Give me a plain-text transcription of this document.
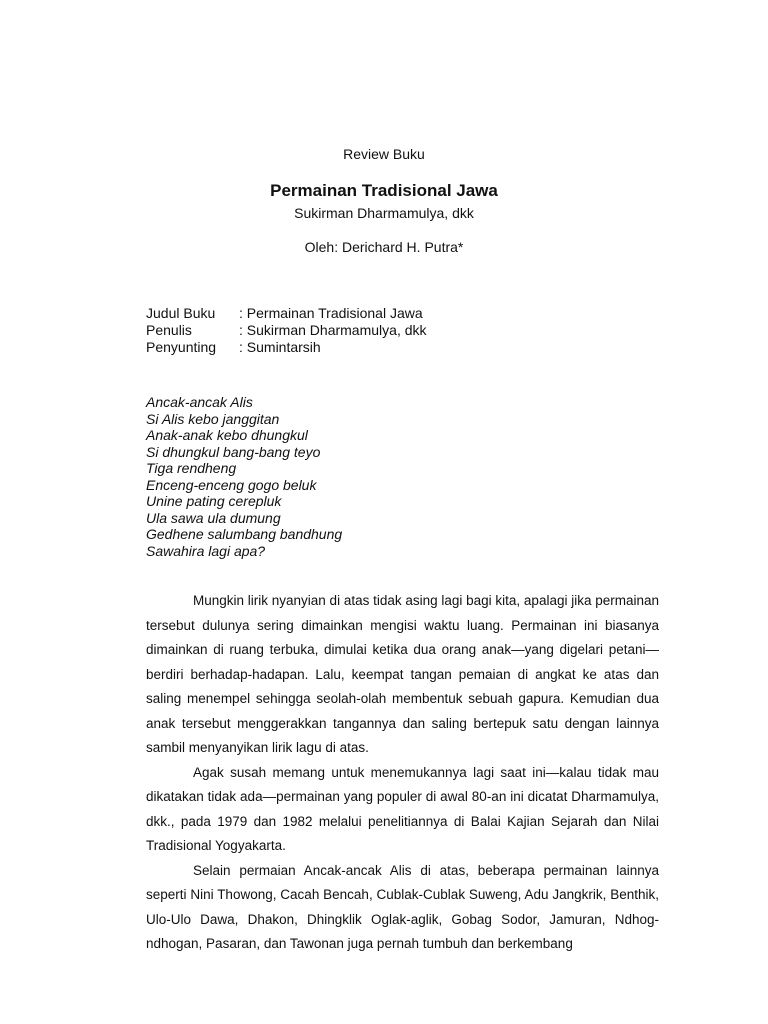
Review Buku
Permainan Tradisional Jawa
Sukirman Dharmamulya, dkk
Oleh: Derichard H. Putra*
Judul Buku	: Permainan Tradisional Jawa
Penulis	: Sukirman Dharmamulya, dkk
Penyunting	: Sumintarsih
Ancak-ancak Alis
Si Alis kebo janggitan
Anak-anak kebo dhungkul
Si dhungkul bang-bang teyo
Tiga rendheng
Enceng-enceng gogo beluk
Unine pating cerepluk
Ula sawa ula dumung
Gedhene salumbang bandhung
Sawahira lagi apa?

Mungkin lirik nyanyian di atas tidak asing lagi bagi kita, apalagi jika permainan tersebut dulunya sering dimainkan mengisi waktu luang. Permainan ini biasanya dimainkan di ruang terbuka, dimulai ketika dua orang anak—yang digelari petani—berdiri berhadap-hadapan. Lalu, keempat tangan pemaian di angkat ke atas dan saling menempel sehingga seolah-olah membentuk sebuah gapura. Kemudian dua anak tersebut menggerakkan tangannya dan saling bertepuk satu dengan lainnya sambil menyanyikan lirik lagu di atas.

Agak susah memang untuk menemukannya lagi saat ini—kalau tidak mau dikatakan tidak ada—permainan yang populer di awal 80-an ini dicatat Dharmamulya, dkk., pada 1979 dan 1982 melalui penelitiannya di Balai Kajian Sejarah dan Nilai Tradisional Yogyakarta.

Selain permaian Ancak-ancak Alis di atas, beberapa permainan lainnya seperti Nini Thowong, Cacah Bencah, Cublak-Cublak Suweng, Adu Jangkrik, Benthik, Ulo-Ulo Dawa, Dhakon, Dhingklik Oglak-aglik, Gobag Sodor, Jamuran, Ndhog-ndhogan, Pasaran, dan Tawonan juga pernah tumbuh dan berkembang
